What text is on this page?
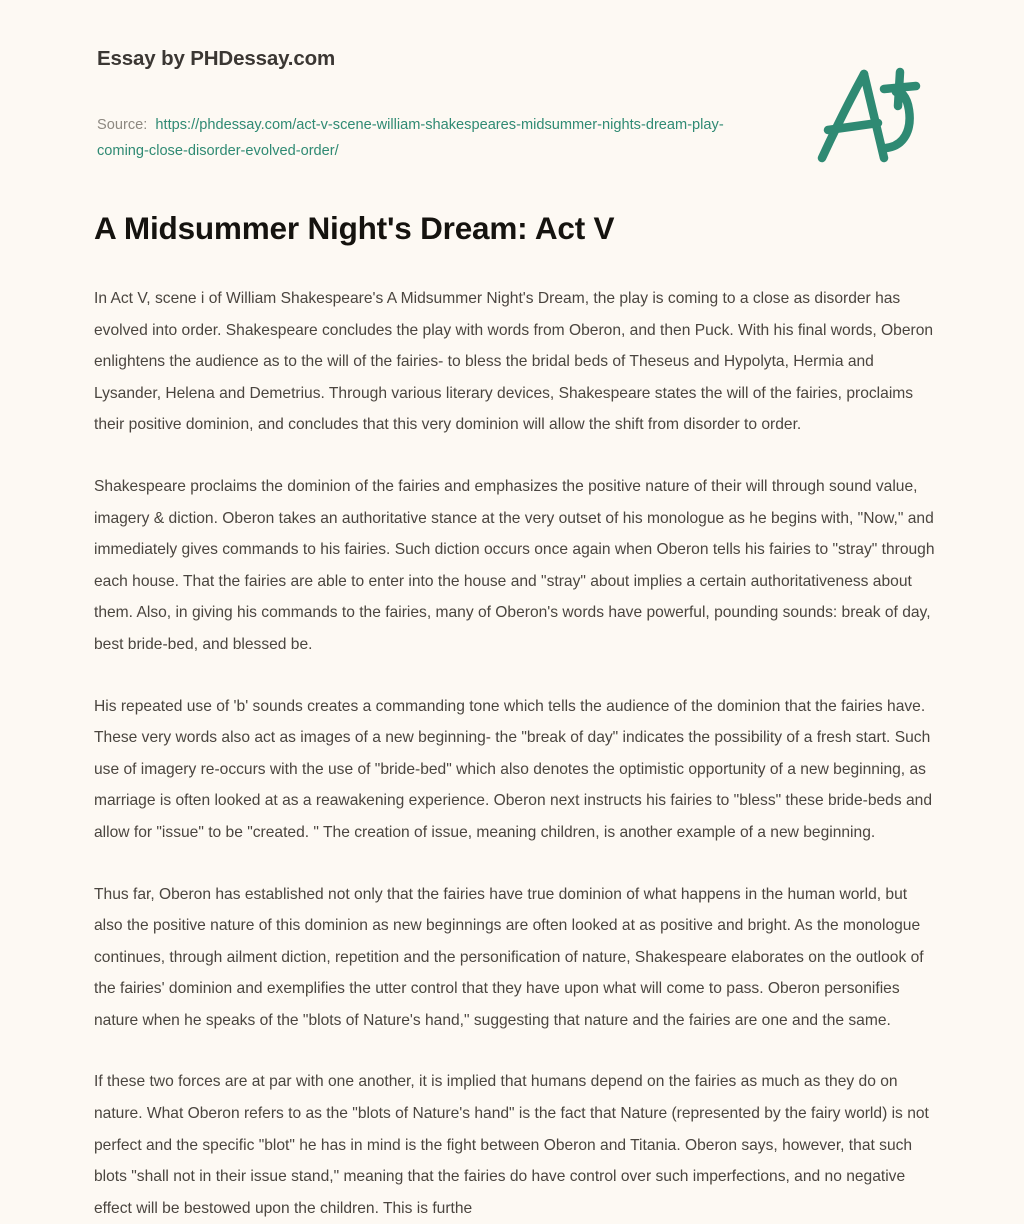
Essay by PHDessay.com
Source: https://phdessay.com/act-v-scene-william-shakespeares-midsummer-nights-dream-play-coming-close-disorder-evolved-order/
A Midsummer Night's Dream: Act V

In Act V, scene i of William Shakespeare's A Midsummer Night's Dream, the play is coming to a close as disorder has evolved into order. Shakespeare concludes the play with words from Oberon, and then Puck. With his final words, Oberon enlightens the audience as to the will of the fairies- to bless the bridal beds of Theseus and Hypolyta, Hermia and Lysander, Helena and Demetrius. Through various literary devices, Shakespeare states the will of the fairies, proclaims their positive dominion, and concludes that this very dominion will allow the shift from disorder to order.

Shakespeare proclaims the dominion of the fairies and emphasizes the positive nature of their will through sound value, imagery & diction. Oberon takes an authoritative stance at the very outset of his monologue as he begins with, "Now," and immediately gives commands to his fairies. Such diction occurs once again when Oberon tells his fairies to "stray" through each house. That the fairies are able to enter into the house and "stray" about implies a certain authoritativeness about them. Also, in giving his commands to the fairies, many of Oberon's words have powerful, pounding sounds: break of day, best bride-bed, and blessed be.

His repeated use of 'b' sounds creates a commanding tone which tells the audience of the dominion that the fairies have. These very words also act as images of a new beginning- the "break of day" indicates the possibility of a fresh start. Such use of imagery re-occurs with the use of "bride-bed" which also denotes the optimistic opportunity of a new beginning, as marriage is often looked at as a reawakening experience. Oberon next instructs his fairies to "bless" these bride-beds and allow for "issue" to be "created. " The creation of issue, meaning children, is another example of a new beginning.

Thus far, Oberon has established not only that the fairies have true dominion of what happens in the human world, but also the positive nature of this dominion as new beginnings are often looked at as positive and bright. As the monologue continues, through ailment diction, repetition and the personification of nature, Shakespeare elaborates on the outlook of the fairies' dominion and exemplifies the utter control that they have upon what will come to pass. Oberon personifies nature when he speaks of the "blots of Nature's hand," suggesting that nature and the fairies are one and the same.

If these two forces are at par with one another, it is implied that humans depend on the fairies as much as they do on nature. What Oberon refers to as the "blots of Nature's hand" is the fact that Nature (represented by the fairy world) is not perfect and the specific "blot" he has in mind is the fight between Oberon and Titania. Oberon says, however, that such blots "shall not in their issue stand," meaning that the fairies do have control over such imperfections, and no negative effect will be bestowed upon the children. This is furthe
